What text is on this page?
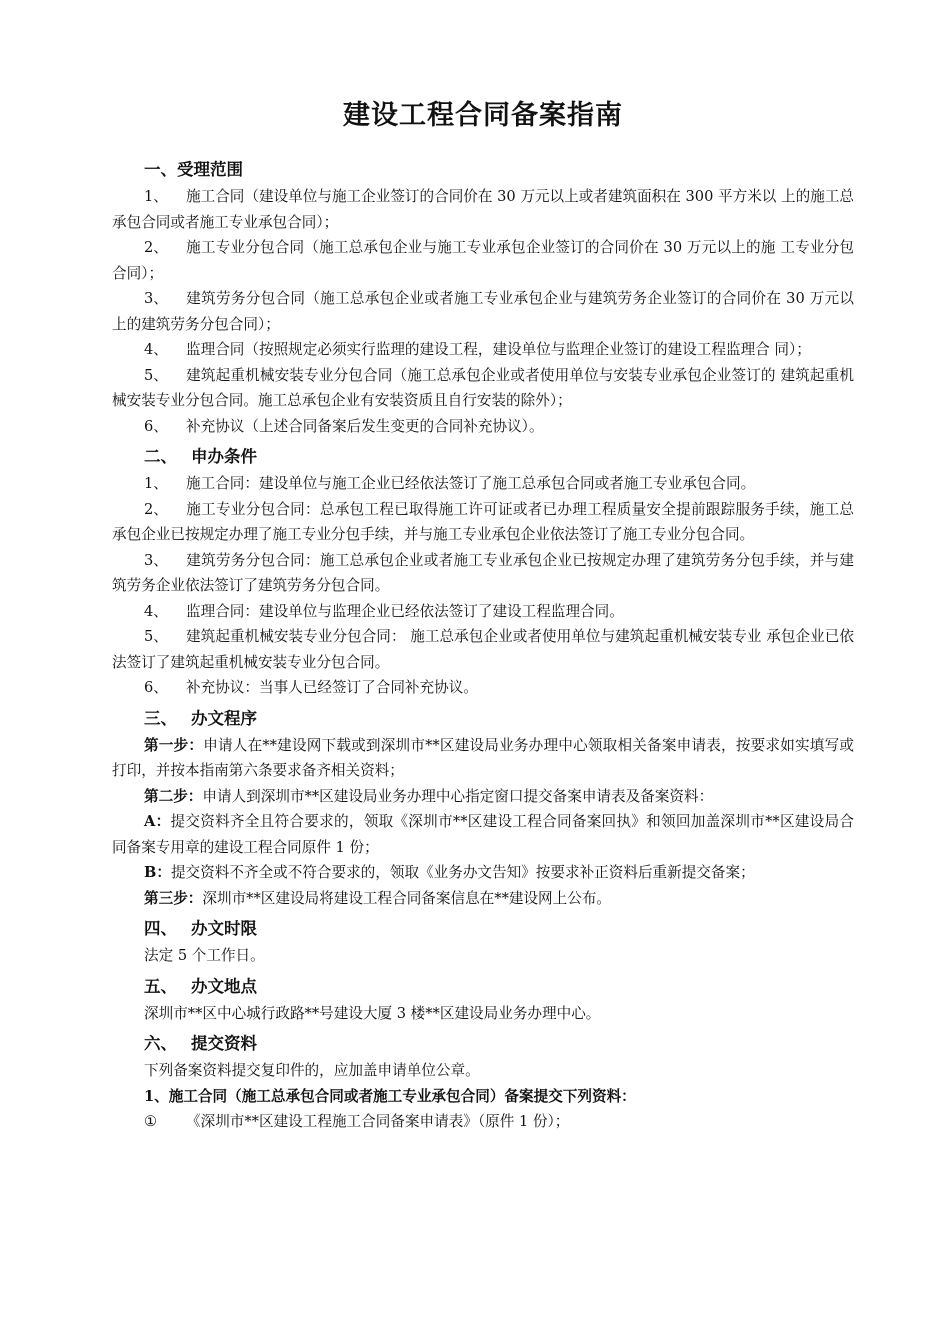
建设工程合同备案指南
一、受理范围

1、 施工合同（建设单位与施工企业签订的合同价在 30 万元以上或者建筑面积在 300 平方米以 上的施工总承包合同或者施工专业承包合同）；

2、 施工专业分包合同（施工总承包企业与施工专业承包企业签订的合同价在 30 万元以上的施 工专业分包合同）；

3、 建筑劳务分包合同（施工总承包企业或者施工专业承包企业与建筑劳务企业签订的合同价在 30 万元以上的建筑劳务分包合同）；

4、 监理合同（按照规定必须实行监理的建设工程，建设单位与监理企业签订的建设工程监理合 同）；

5、 建筑起重机械安装专业分包合同（施工总承包企业或者使用单位与安装专业承包企业签订的 建筑起重机械安装专业分包合同。施工总承包企业有安装资质且自行安装的除外）；

6、 补充协议（上述合同备案后发生变更的合同补充协议）。

二、 申办条件

1、 施工合同：建设单位与施工企业已经依法签订了施工总承包合同或者施工专业承包合同。

2、 施工专业分包合同：总承包工程已取得施工许可证或者已办理工程质量安全提前跟踪服务手续，施工总承包企业已按规定办理了施工专业分包手续，并与施工专业承包企业依法签订了施工专业分包合同。

3、 建筑劳务分包合同：施工总承包企业或者施工专业承包企业已按规定办理了建筑劳务分包手续，并与建筑劳务企业依法签订了建筑劳务分包合同。

4、 监理合同：建设单位与监理企业已经依法签订了建设工程监理合同。

5、 建筑起重机械安装专业分包合同： 施工总承包企业或者使用单位与建筑起重机械安装专业 承包企业已依法签订了建筑起重机械安装专业分包合同。

6、 补充协议：当事人已经签订了合同补充协议。

三、 办文程序

第一步：申请人在**建设网下载或到深圳市**区建设局业务办理中心领取相关备案申请表，按要求如实填写或打印，并按本指南第六条要求备齐相关资料；

第二步：申请人到深圳市**区建设局业务办理中心指定窗口提交备案申请表及备案资料：

A：提交资料齐全且符合要求的，领取《深圳市**区建设工程合同备案回执》和领回加盖深圳市**区建设局合同备案专用章的建设工程合同原件 1 份；

B：提交资料不齐全或不符合要求的，领取《业务办文告知》按要求补正资料后重新提交备案；

第三步：深圳市**区建设局将建设工程合同备案信息在**建设网上公布。

四、 办文时限

法定 5 个工作日。

五、 办文地点

深圳市**区中心城行政路**号建设大厦 3 楼**区建设局业务办理中心。

六、 提交资料

下列备案资料提交复印件的，应加盖申请单位公章。

1、施工合同（施工总承包合同或者施工专业承包合同）备案提交下列资料：

① 《深圳市**区建设工程施工合同备案申请表》（原件 1 份）；
